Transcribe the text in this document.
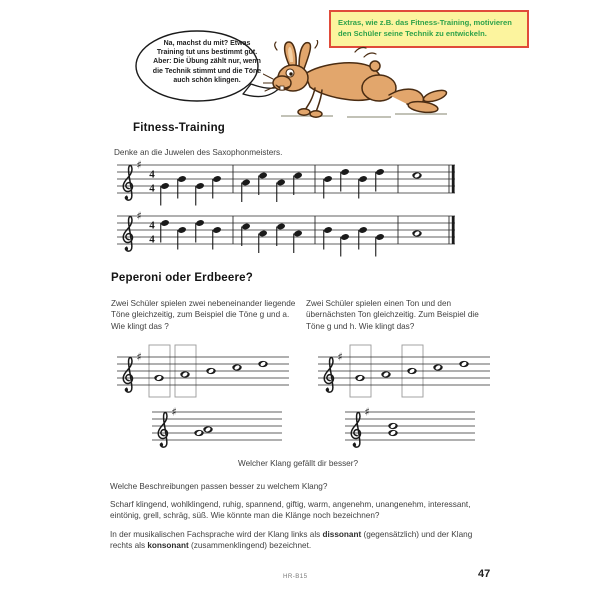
Extras, wie z.B. das Fitness-Training, motivieren den Schüler seine Technik zu entwickeln.
Na, machst du mit? Etwas Training tut uns bestimmt gut. Aber: Die Übung zählt nur, wenn die Technik stimmt und die Töne auch schön klingen.
Fitness-Training
Denke an die Juwelen des Saxophonmeisters.
♯
4
4
♯
4
4
♯	♯
♯	♯
Peperoni oder Erdbeere?
Zwei Schüler spielen zwei nebeneinander liegende Töne gleichzeitig, zum Beispiel die Töne g und a. Wie klingt das ?
Zwei Schüler spielen einen Ton und den übernächsten Ton gleichzeitig. Zum Beispiel die Töne g und h. Wie klingt das?
Welcher Klang gefällt dir besser?
Welche Beschreibungen passen besser zu welchem Klang?
Scharf klingend, wohlklingend, ruhig, spannend, giftig, warm, angenehm, unangenehm, interessant, eintönig, grell, schräg, süß. Wie könnte man die Klänge noch bezeichnen?
In der musikalischen Fachsprache wird der Klang links als dissonant (gegensätzlich) und der Klang rechts als konsonant (zusammenklingend) bezeichnet.
HR-B15	47
